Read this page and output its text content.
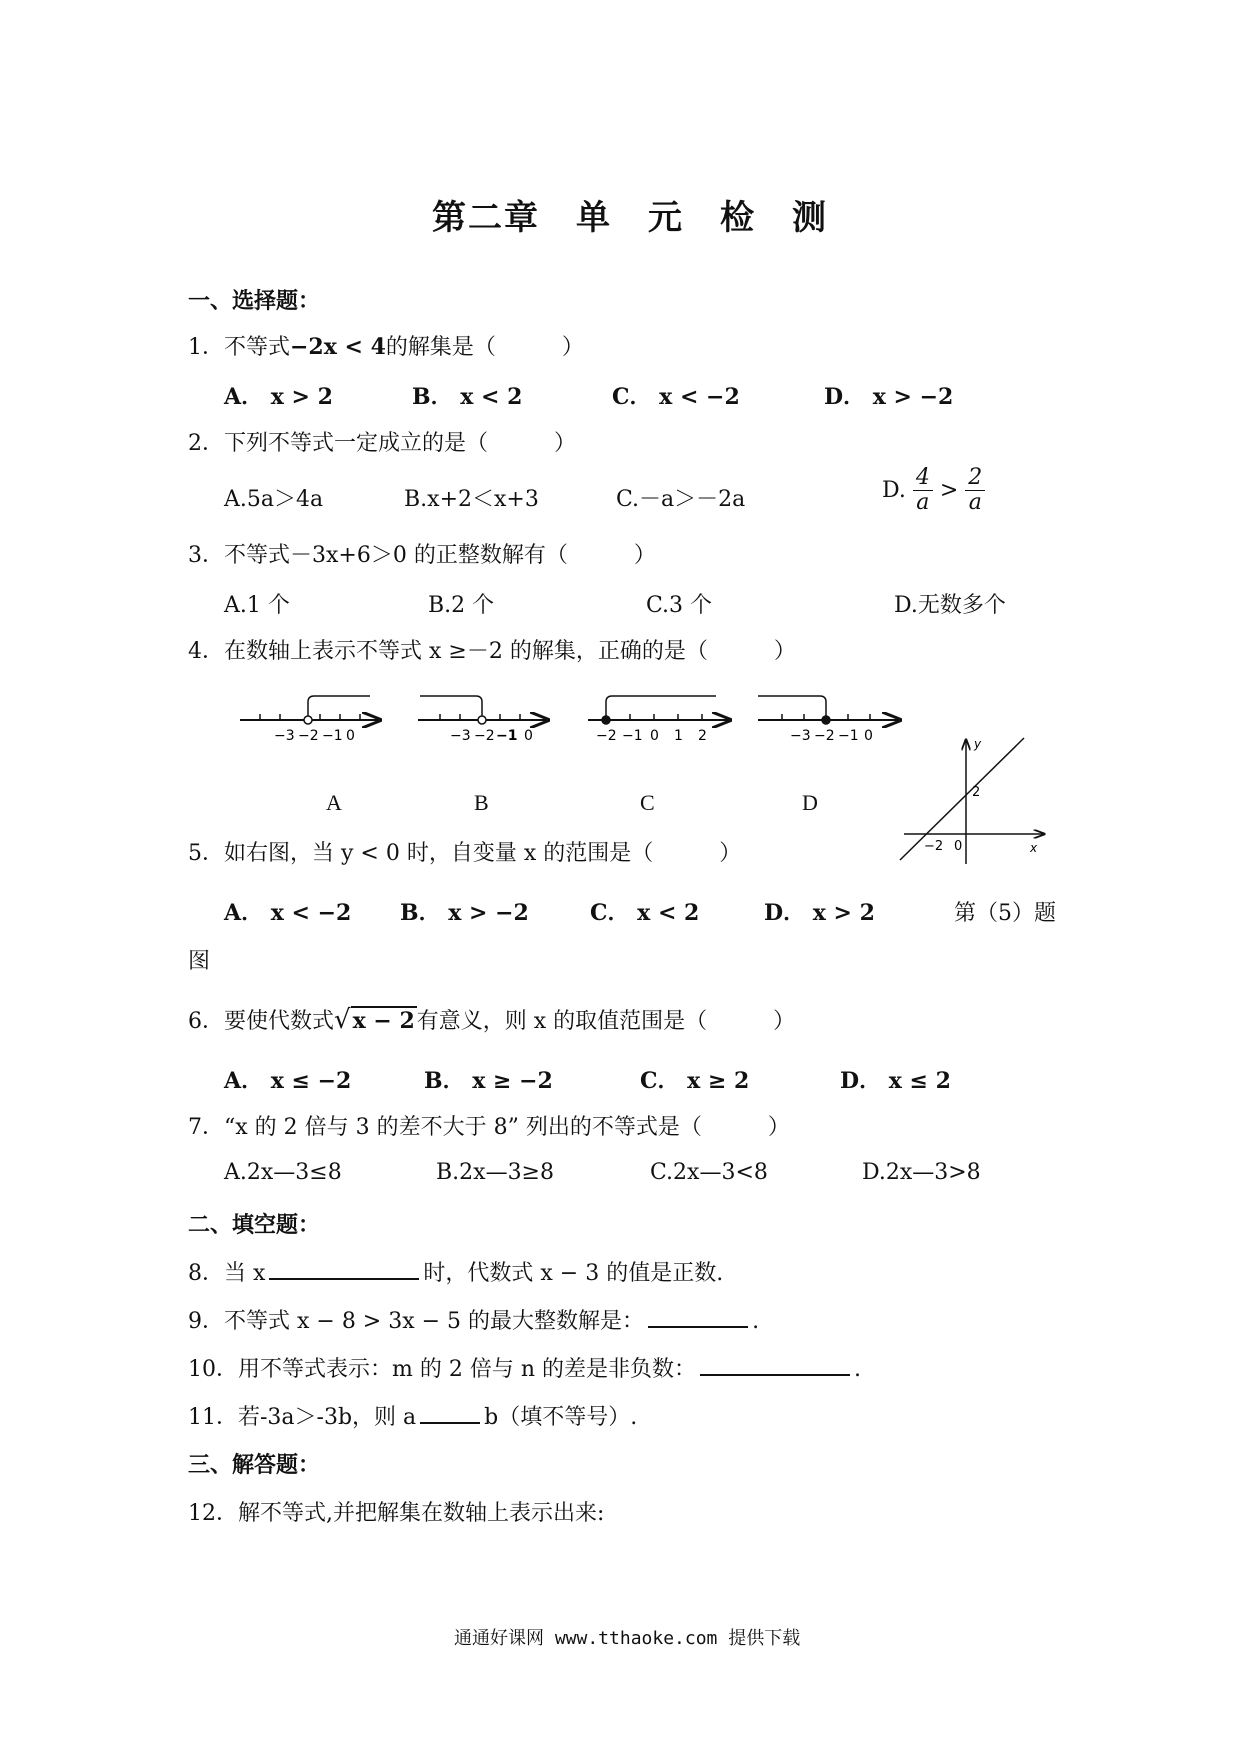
第二章　单　元　检　测
一、选择题：
1．不等式−2x < 4的解集是（　　　）
A． x > 2	B． x < 2	C． x < −2	D． x > −2
2．下列不等式一定成立的是（　　　）
A.5a＞4a	B.x+2＜x+3	C.－a＞－2a	D. $\frac{4}{a} > \frac{2}{a}$
3．不等式－3x+6＞0 的正整数解有（　　　）
A.1 个	B.2 个	C.3 个	D.无数多个
4．在数轴上表示不等式 x ≥－2 的解集，正确的是（　　　）
−3 −2 −1 0	−3 −2 −1 0	−2 −1 0 1 2	−3 −2 −1 0
A	B	C	D
y
x
0
−2
2
5．如右图，当 y < 0 时，自变量 x 的范围是（　　　）
A． x < −2 B． x > −2	C． x < 2	D． x > 2	第（5）题
图
6．要使代数式√x − 2有意义，则 x 的取值范围是（　　　）
A． x ≤ −2	B． x ≥ −2	C． x ≥ 2	D． x ≤ 2
7．“x 的 2 倍与 3 的差不大于 8” 列出的不等式是（　　　）
A.2x—3≤8	B.2x—3≥8	C.2x—3<8	D.2x—3>8
二、填空题：
8．当 x	时，代数式 x − 3 的值是正数.
9．不等式 x − 8 > 3x − 5 的最大整数解是：	.
10．用不等式表示：m 的 2 倍与 n 的差是非负数：	.
11．若-3a＞-3b，则 a	b（填不等号）.
三、解答题：
12．解不等式,并把解集在数轴上表示出来:
通通好课网 www.tthaoke.com 提供下载
